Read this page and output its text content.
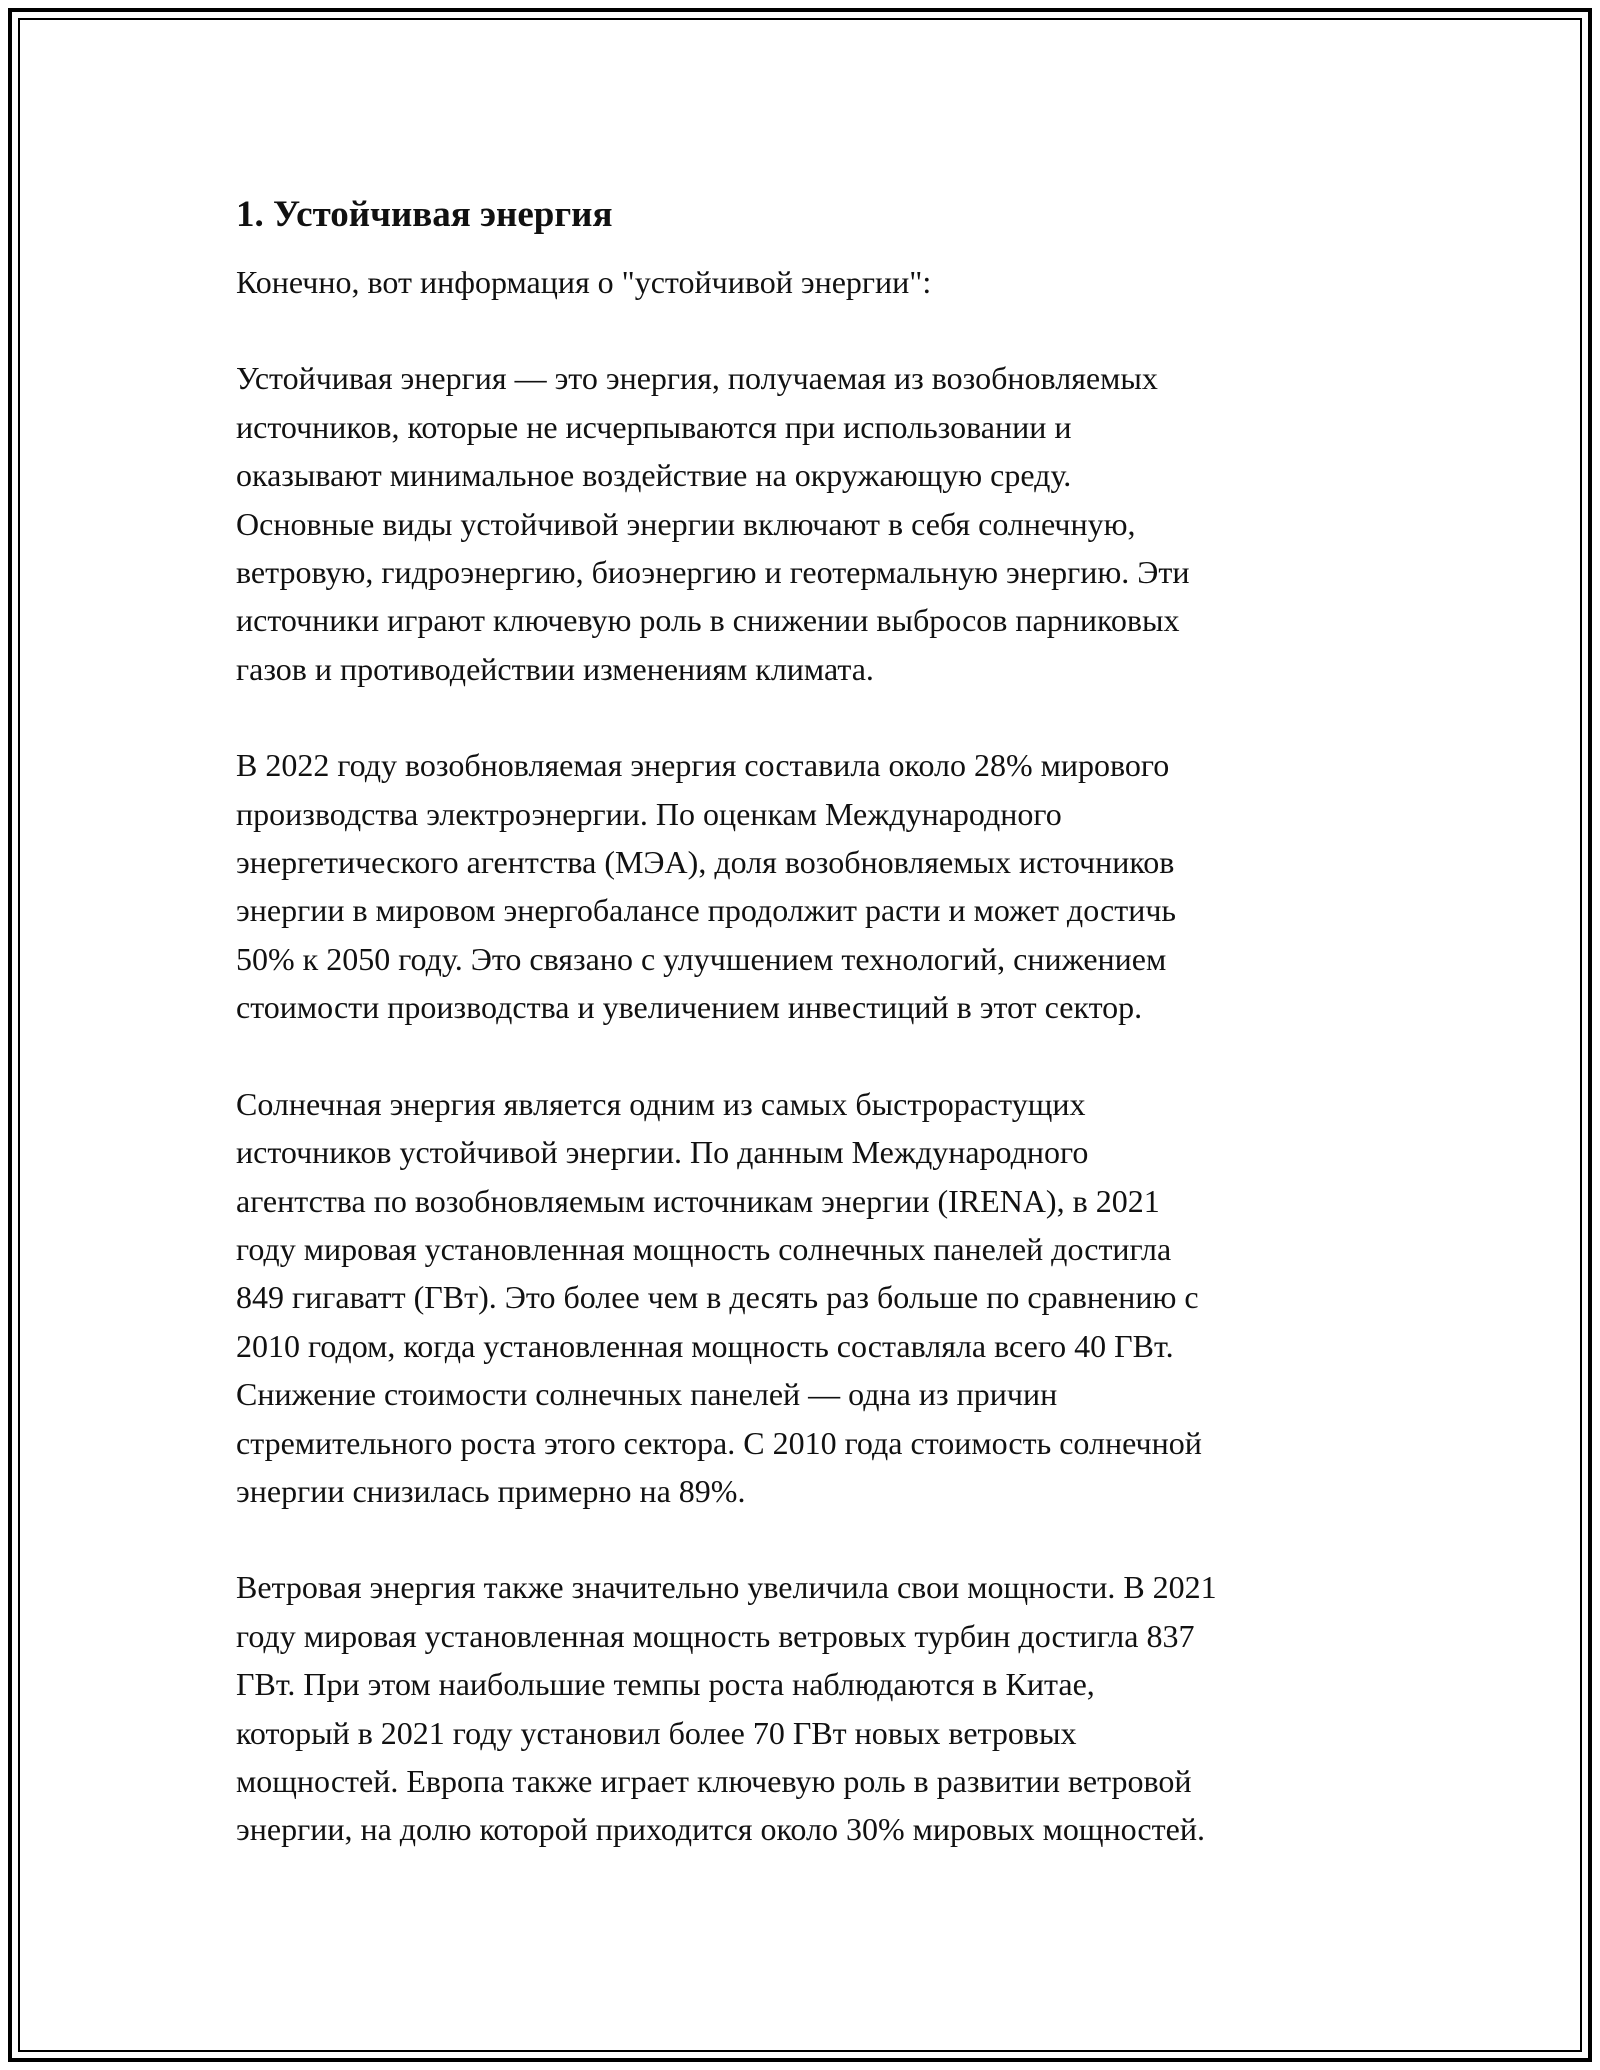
1. Устойчивая энергия

Конечно, вот информация о "устойчивой энергии":

Устойчивая энергия — это энергия, получаемая из возобновляемых
источников, которые не исчерпываются при использовании и
оказывают минимальное воздействие на окружающую среду.
Основные виды устойчивой энергии включают в себя солнечную,
ветровую, гидроэнергию, биоэнергию и геотермальную энергию. Эти
источники играют ключевую роль в снижении выбросов парниковых
газов и противодействии изменениям климата.

В 2022 году возобновляемая энергия составила около 28% мирового
производства электроэнергии. По оценкам Международного
энергетического агентства (МЭА), доля возобновляемых источников
энергии в мировом энергобалансе продолжит расти и может достичь
50% к 2050 году. Это связано с улучшением технологий, снижением
стоимости производства и увеличением инвестиций в этот сектор.

Солнечная энергия является одним из самых быстрорастущих
источников устойчивой энергии. По данным Международного
агентства по возобновляемым источникам энергии (IRENA), в 2021
году мировая установленная мощность солнечных панелей достигла
849 гигаватт (ГВт). Это более чем в десять раз больше по сравнению с
2010 годом, когда установленная мощность составляла всего 40 ГВт.
Снижение стоимости солнечных панелей — одна из причин
стремительного роста этого сектора. С 2010 года стоимость солнечной
энергии снизилась примерно на 89%.

Ветровая энергия также значительно увеличила свои мощности. В 2021
году мировая установленная мощность ветровых турбин достигла 837
ГВт. При этом наибольшие темпы роста наблюдаются в Китае,
который в 2021 году установил более 70 ГВт новых ветровых
мощностей. Европа также играет ключевую роль в развитии ветровой
энергии, на долю которой приходится около 30% мировых мощностей.
